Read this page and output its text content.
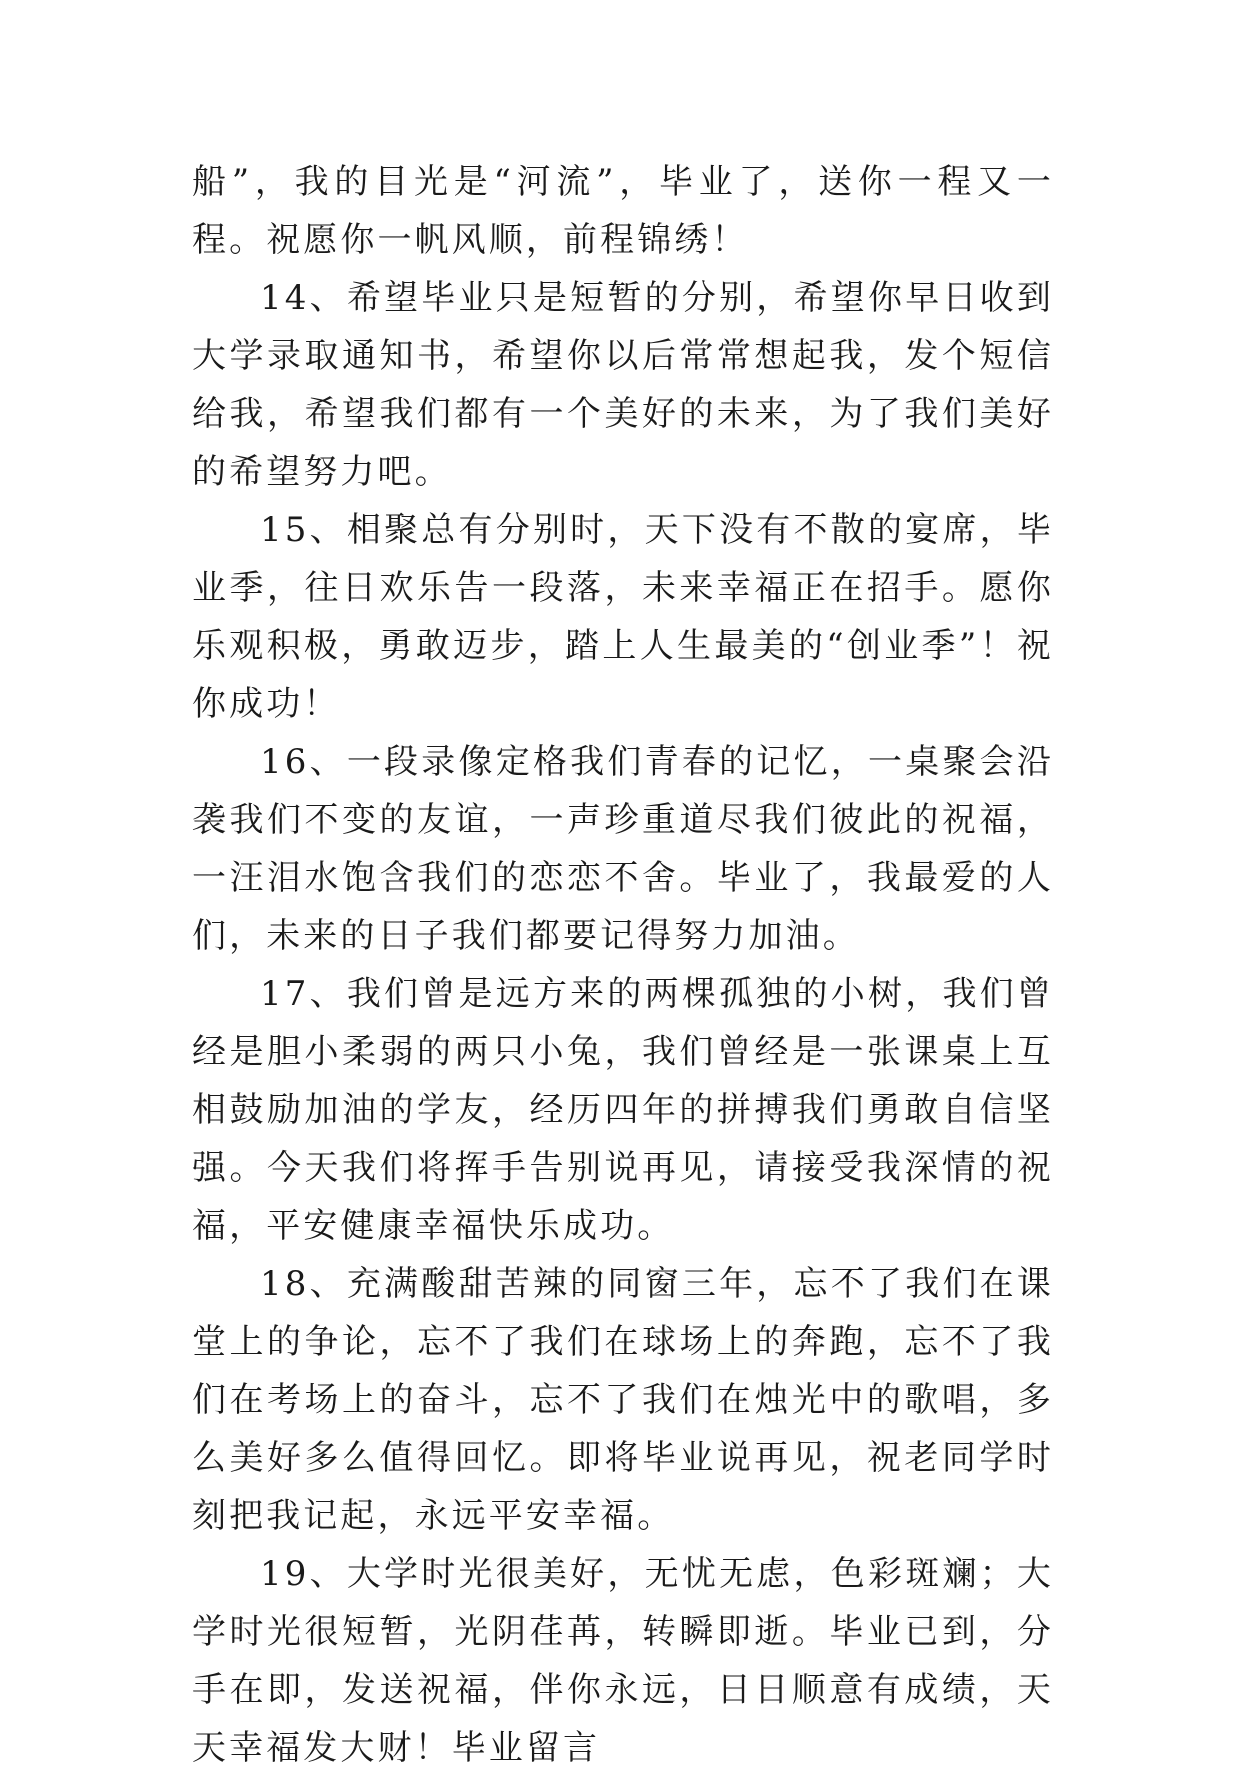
船”，我的目光是“河流”，毕业了，送你一程又一程。祝愿你一帆风顺，前程锦绣！

14、希望毕业只是短暂的分别，希望你早日收到大学录取通知书，希望你以后常常想起我，发个短信给我，希望我们都有一个美好的未来，为了我们美好的希望努力吧。

15、相聚总有分别时，天下没有不散的宴席，毕业季，往日欢乐告一段落，未来幸福正在招手。愿你乐观积极，勇敢迈步，踏上人生最美的“创业季”！祝你成功！

16、一段录像定格我们青春的记忆，一桌聚会沿袭我们不变的友谊，一声珍重道尽我们彼此的祝福，一汪泪水饱含我们的恋恋不舍。毕业了，我最爱的人们，未来的日子我们都要记得努力加油。

17、我们曾是远方来的两棵孤独的小树，我们曾经是胆小柔弱的两只小兔，我们曾经是一张课桌上互相鼓励加油的学友，经历四年的拼搏我们勇敢自信坚强。今天我们将挥手告别说再见，请接受我深情的祝福，平安健康幸福快乐成功。

18、充满酸甜苦辣的同窗三年，忘不了我们在课堂上的争论，忘不了我们在球场上的奔跑，忘不了我们在考场上的奋斗，忘不了我们在烛光中的歌唱，多么美好多么值得回忆。即将毕业说再见，祝老同学时刻把我记起，永远平安幸福。

19、大学时光很美好，无忧无虑，色彩斑斓；大学时光很短暂，光阴荏苒，转瞬即逝。毕业已到，分手在即，发送祝福，伴你永远，日日顺意有成绩，天天幸福发大财！毕业留言
